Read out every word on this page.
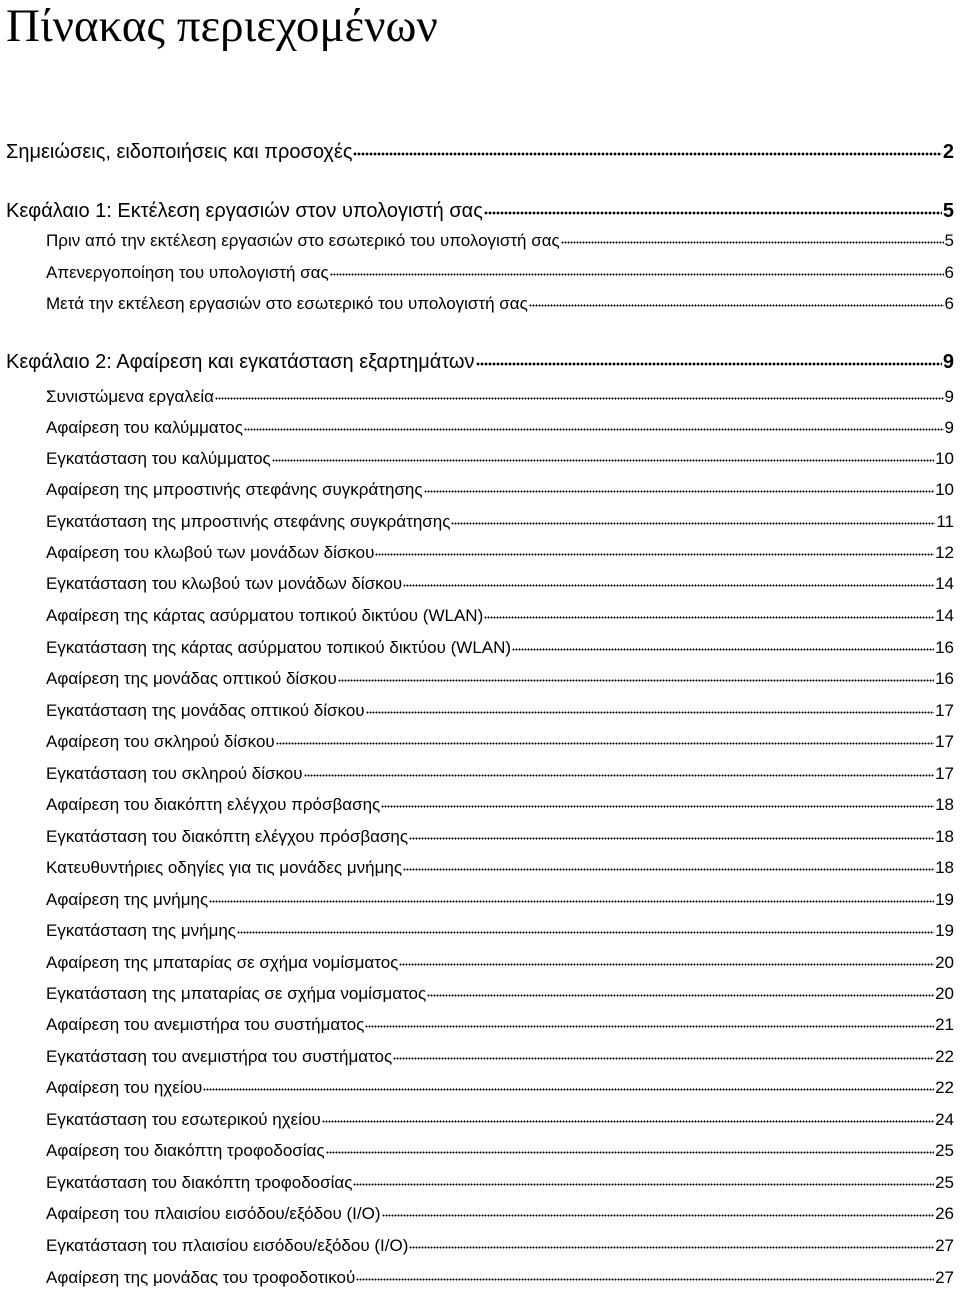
Πίνακας περιεχομένων
Σημειώσεις, ειδοποιήσεις και προσοχές	2
Κεφάλαιο 1: Εκτέλεση εργασιών στον υπολογιστή σας	5
Πριν από την εκτέλεση εργασιών στο εσωτερικό του υπολογιστή σας	5
Απενεργοποίηση του υπολογιστή σας	6
Μετά την εκτέλεση εργασιών στο εσωτερικό του υπολογιστή σας	6
Κεφάλαιο 2: Αφαίρεση και εγκατάσταση εξαρτημάτων	9
Συνιστώμενα εργαλεία	9
Αφαίρεση του καλύμματος	9
Εγκατάσταση του καλύμματος	10
Αφαίρεση της μπροστινής στεφάνης συγκράτησης	10
Εγκατάσταση της μπροστινής στεφάνης συγκράτησης	11
Αφαίρεση του κλωβού των μονάδων δίσκου	12
Εγκατάσταση του κλωβού των μονάδων δίσκου	14
Αφαίρεση της κάρτας ασύρματου τοπικού δικτύου (WLAN)	14
Εγκατάσταση της κάρτας ασύρματου τοπικού δικτύου (WLAN)	16
Αφαίρεση της μονάδας οπτικού δίσκου	16
Εγκατάσταση της μονάδας οπτικού δίσκου	17
Αφαίρεση του σκληρού δίσκου	17
Εγκατάσταση του σκληρού δίσκου	17
Αφαίρεση του διακόπτη ελέγχου πρόσβασης	18
Εγκατάσταση του διακόπτη ελέγχου πρόσβασης	18
Κατευθυντήριες οδηγίες για τις μονάδες μνήμης	18
Αφαίρεση της μνήμης	19
Εγκατάσταση της μνήμης	19
Αφαίρεση της μπαταρίας σε σχήμα νομίσματος	20
Εγκατάσταση της μπαταρίας σε σχήμα νομίσματος	20
Αφαίρεση του ανεμιστήρα του συστήματος	21
Εγκατάσταση του ανεμιστήρα του συστήματος	22
Αφαίρεση του ηχείου	22
Εγκατάσταση του εσωτερικού ηχείου	24
Αφαίρεση του διακόπτη τροφοδοσίας	25
Εγκατάσταση του διακόπτη τροφοδοσίας	25
Αφαίρεση του πλαισίου εισόδου/εξόδου (I/O)	26
Εγκατάσταση του πλαισίου εισόδου/εξόδου (I/O)	27
Αφαίρεση της μονάδας του τροφοδοτικού	27
